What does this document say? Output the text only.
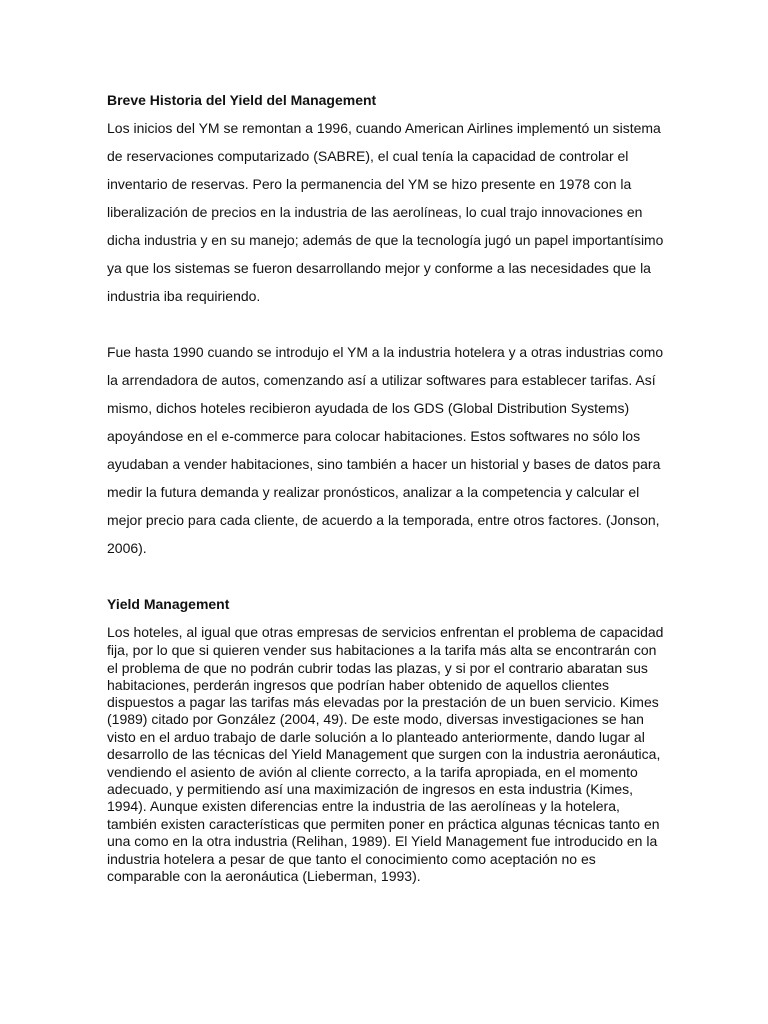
Breve Historia del Yield del Management
Los inicios del YM se remontan a 1996, cuando American Airlines implementó un sistema
de reservaciones computarizado (SABRE), el cual tenía la capacidad de controlar el
inventario de reservas. Pero la permanencia del YM se hizo presente en 1978 con la
liberalización de precios en la industria de las aerolíneas, lo cual trajo innovaciones en
dicha industria y en su manejo; además de que la tecnología jugó un papel importantísimo
ya que los sistemas se fueron desarrollando mejor y conforme a las necesidades que la
industria iba requiriendo.
Fue hasta 1990 cuando se introdujo el YM a la industria hotelera y a otras industrias como
la arrendadora de autos, comenzando así a utilizar softwares para establecer tarifas. Así
mismo, dichos hoteles recibieron ayudada de los GDS (Global Distribution Systems)
apoyándose en el e-commerce para colocar habitaciones. Estos softwares no sólo los
ayudaban a vender habitaciones, sino también a hacer un historial y bases de datos para
medir la futura demanda y realizar pronósticos, analizar a la competencia y calcular el
mejor precio para cada cliente, de acuerdo a la temporada, entre otros factores. (Jonson,
2006).
Yield Management
Los hoteles, al igual que otras empresas de servicios enfrentan el problema de capacidad
fija, por lo que si quieren vender sus habitaciones a la tarifa más alta se encontrarán con
el problema de que no podrán cubrir todas las plazas, y si por el contrario abaratan sus
habitaciones, perderán ingresos que podrían haber obtenido de aquellos clientes
dispuestos a pagar las tarifas más elevadas por la prestación de un buen servicio. Kimes
(1989) citado por González (2004, 49). De este modo, diversas investigaciones se han
visto en el arduo trabajo de darle solución a lo planteado anteriormente, dando lugar al
desarrollo de las técnicas del Yield Management que surgen con la industria aeronáutica,
vendiendo el asiento de avión al cliente correcto, a la tarifa apropiada, en el momento
adecuado, y permitiendo así una maximización de ingresos en esta industria (Kimes,
1994). Aunque existen diferencias entre la industria de las aerolíneas y la hotelera,
también existen características que permiten poner en práctica algunas técnicas tanto en
una como en la otra industria (Relihan, 1989). El Yield Management fue introducido en la
industria hotelera a pesar de que tanto el conocimiento como aceptación no es
comparable con la aeronáutica (Lieberman, 1993).
